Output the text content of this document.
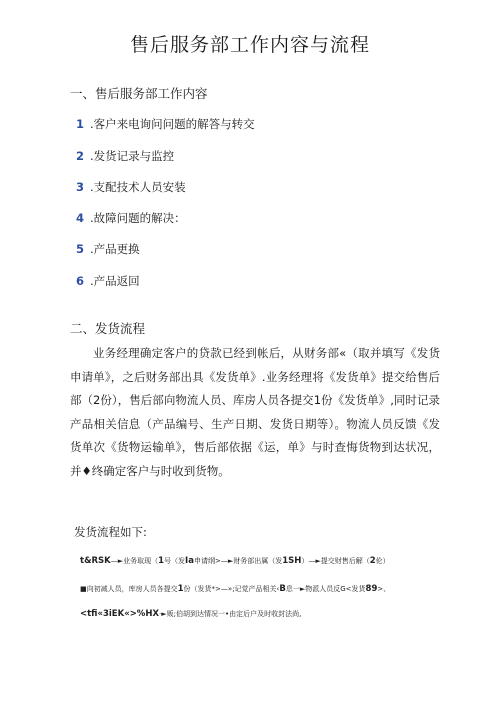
售后服务部工作内容与流程
一、售后服务部工作内容
1 .客户来电询问问题的解答与转交
2 .发货记录与监控
3 .支配技术人员安装
4 .故障问题的解决：
5 .产品更换
6 .产品返回
二、发货流程

业务经理确定客户的贷款已经到帐后，从财务部«（取并填写《发货申请单》，之后财务部出具《发货单》.业务经理将《发货单》提交给售后部（2份），售后部向物流人员、库房人员各提交1份《发货单》,同时记录产品相关信息（产品编号、生产日期、发货日期等）。物流人员反馈《发货单次《货物运输单》，售后部依据《运，单》与时查悔货物到达状况，并♦终确定客户与时收到货物。

发货流程如下:
t&RSK—►业务取现（1号（发Ia申请纲>—►财务部出属（发1SH）—►提交财售后解（2伦）
■向初减人员，库房人员各提交1份（发货*>—»;记觉产品相关‹B息一►物派人员反G<发货89>、
<tfi«3iEK«>%HX·►贩;伯胡到达情况一•由定后户及时收封法尚,
